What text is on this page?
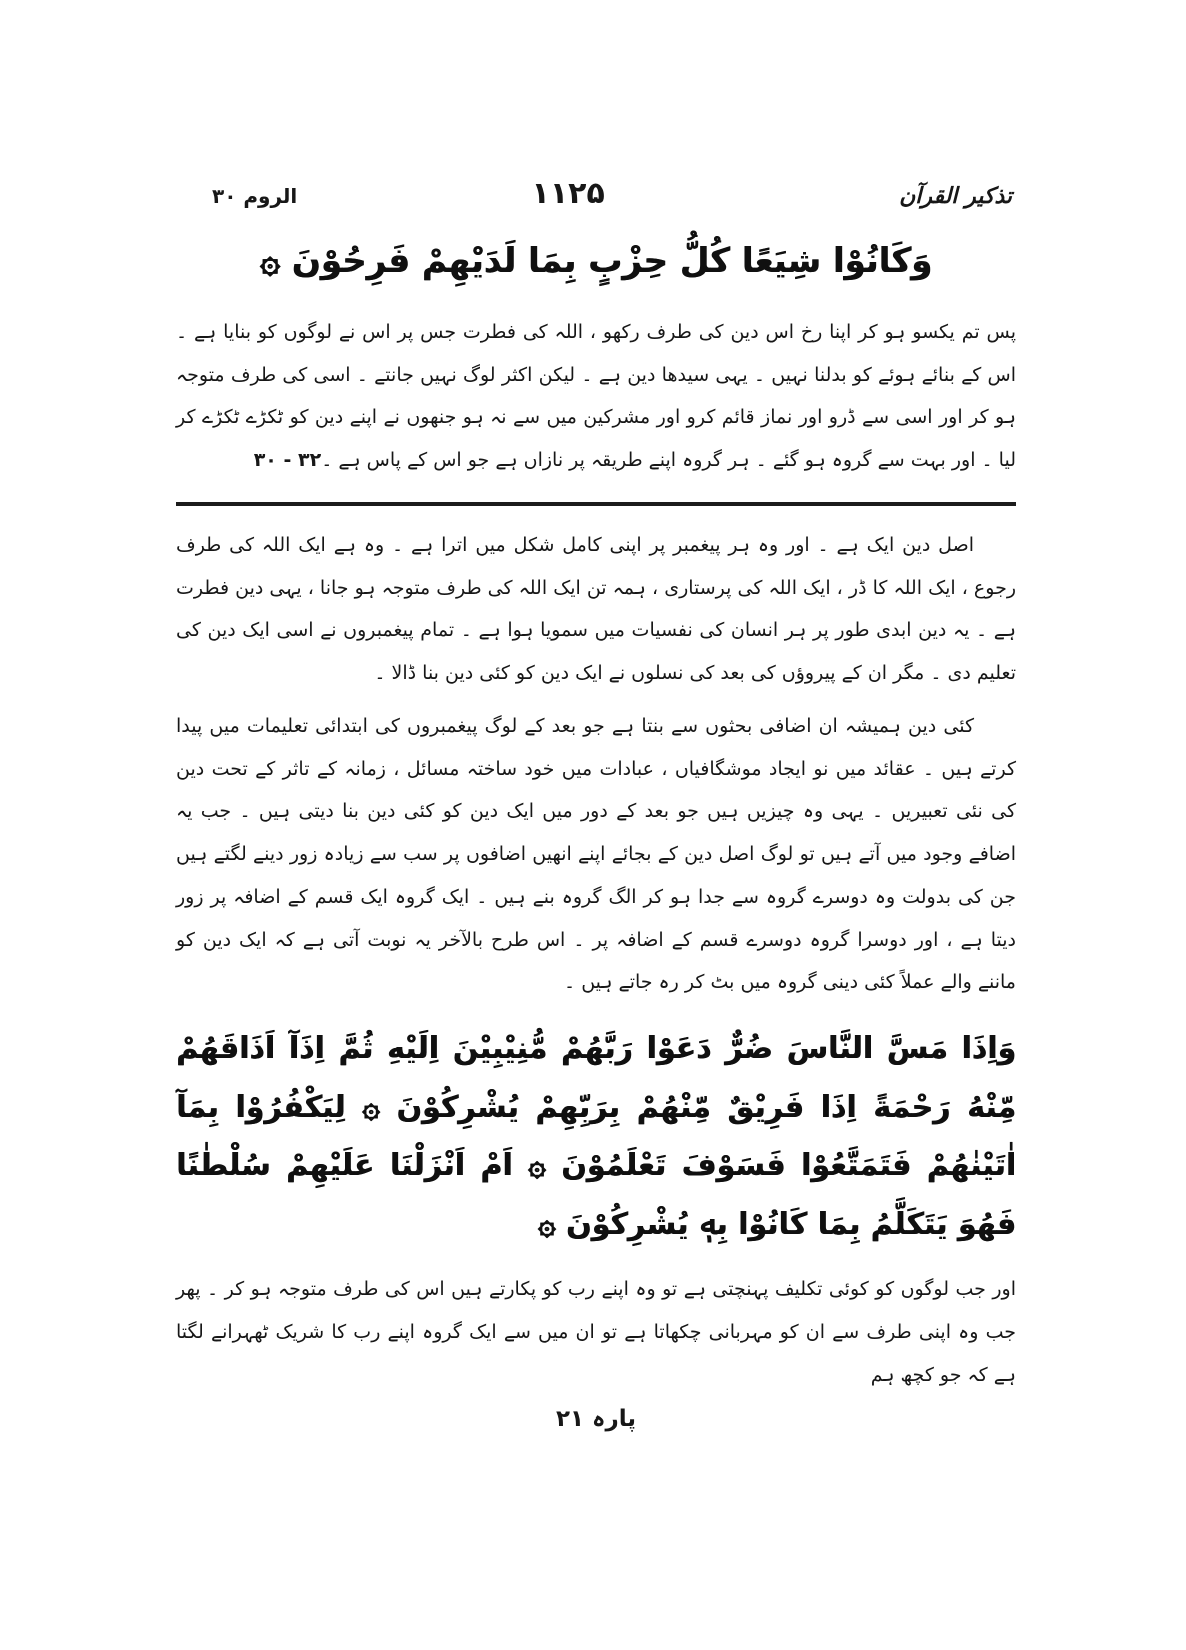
الروم ۳۰	۱۱۲۵	تذکیر القرآن

وَكَانُوْا شِيَعًا كُلُّ حِزْبٍ بِمَا لَدَيْهِمْ فَرِحُوْنَ ۞

پس تم یکسو ہو کر اپنا رخ اس دین کی طرف رکھو ، اللہ کی فطرت جس پر اس نے لوگوں کو بنایا ہے ۔ اس کے بنائے ہوئے کو بدلنا نہیں ۔ یہی سیدھا دین ہے ۔ لیکن اکثر لوگ نہیں جانتے ۔ اسی کی طرف متوجہ ہو کر اور اسی سے ڈرو اور نماز قائم کرو اور مشرکین میں سے نہ ہو جنھوں نے اپنے دین کو ٹکڑے ٹکڑے کر لیا ۔ اور بہت سے گروہ ہو گئے ۔ ہر گروہ اپنے طریقہ پر نازاں ہے جو اس کے پاس ہے ۔۳۰ - ۳۲

اصل دین ایک ہے ۔ اور وہ ہر پیغمبر پر اپنی کامل شکل میں اترا ہے ۔ وہ ہے ایک اللہ کی طرف رجوع ، ایک اللہ کا ڈر ، ایک اللہ کی پرستاری ، ہمہ تن ایک اللہ کی طرف متوجہ ہو جانا ، یہی دین فطرت ہے ۔ یہ دین ابدی طور پر ہر انسان کی نفسیات میں سمویا ہوا ہے ۔ تمام پیغمبروں نے اسی ایک دین کی تعلیم دی ۔ مگر ان کے پیروؤں کی بعد کی نسلوں نے ایک دین کو کئی دین بنا ڈالا ۔

کئی دین ہمیشہ ان اضافی بحثوں سے بنتا ہے جو بعد کے لوگ پیغمبروں کی ابتدائی تعلیمات میں پیدا کرتے ہیں ۔ عقائد میں نو ایجاد موشگافیاں ، عبادات میں خود ساختہ مسائل ، زمانہ کے تاثر کے تحت دین کی نئی تعبیریں ۔ یہی وہ چیزیں ہیں جو بعد کے دور میں ایک دین کو کئی دین بنا دیتی ہیں ۔ جب یہ اضافے وجود میں آتے ہیں تو لوگ اصل دین کے بجائے اپنے انھیں اضافوں پر سب سے زیادہ زور دینے لگتے ہیں جن کی بدولت وہ دوسرے گروہ سے جدا ہو کر الگ گروہ بنے ہیں ۔ ایک گروہ ایک قسم کے اضافہ پر زور دیتا ہے ، اور دوسرا گروہ دوسرے قسم کے اضافہ پر ۔ اس طرح بالآخر یہ نوبت آتی ہے کہ ایک دین کو ماننے والے عملاً کئی دینی گروہ میں بٹ کر رہ جاتے ہیں ۔

وَاِذَا مَسَّ النَّاسَ ضُرٌّ دَعَوْا رَبَّهُمْ مُّنِيْبِيْنَ اِلَيْهِ ثُمَّ اِذَآ اَذَاقَهُمْ مِّنْهُ رَحْمَةً اِذَا فَرِيْقٌ مِّنْهُمْ بِرَبِّهِمْ يُشْرِكُوْنَ ۞ لِيَكْفُرُوْا بِمَآ اٰتَيْنٰهُمْ فَتَمَتَّعُوْا فَسَوْفَ تَعْلَمُوْنَ ۞ اَمْ اَنْزَلْنَا عَلَيْهِمْ سُلْطٰنًا فَهُوَ يَتَكَلَّمُ بِمَا كَانُوْا بِهٖ يُشْرِكُوْنَ ۞

اور جب لوگوں کو کوئی تکلیف پہنچتی ہے تو وہ اپنے رب کو پکارتے ہیں اس کی طرف متوجہ ہو کر ۔ پھر جب وہ اپنی طرف سے ان کو مہربانی چکھاتا ہے تو ان میں سے ایک گروہ اپنے رب کا شریک ٹھہرانے لگتا ہے کہ جو کچھ ہم

پارہ ۲۱
